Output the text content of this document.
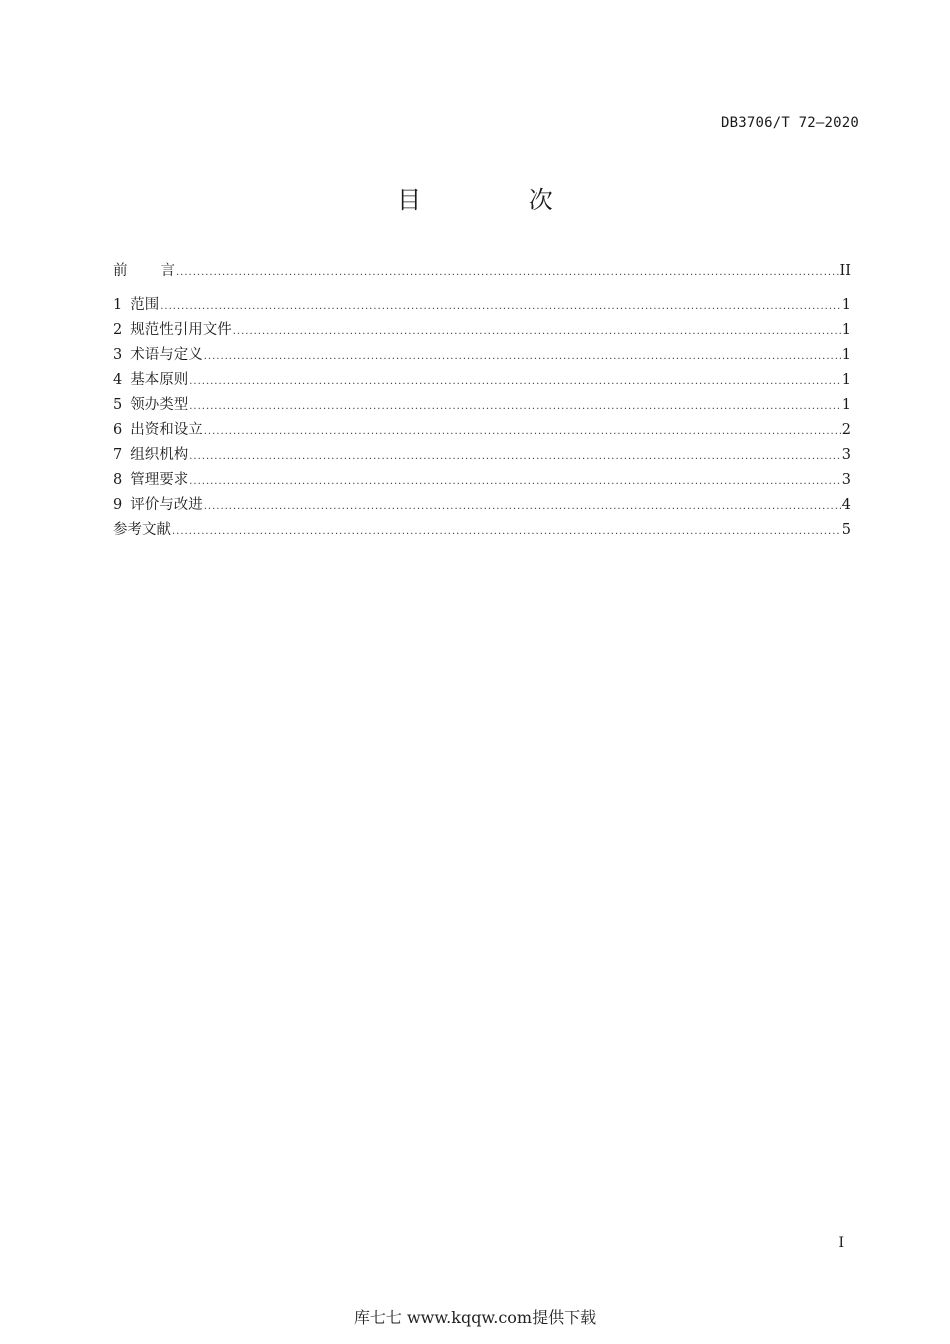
DB3706/T 72—2020
目 次
前 言 .....	II
1 范围 .....	1
2 规范性引用文件 .....	1
3 术语与定义 .....	1
4 基本原则 .....	1
5 领办类型 .....	1
6 出资和设立 .....	2
7 组织机构 .....	3
8 管理要求 .....	3
9 评价与改进 .....	4
参考文献 .....	5
I
库七七 www.kqqw.com提供下载
